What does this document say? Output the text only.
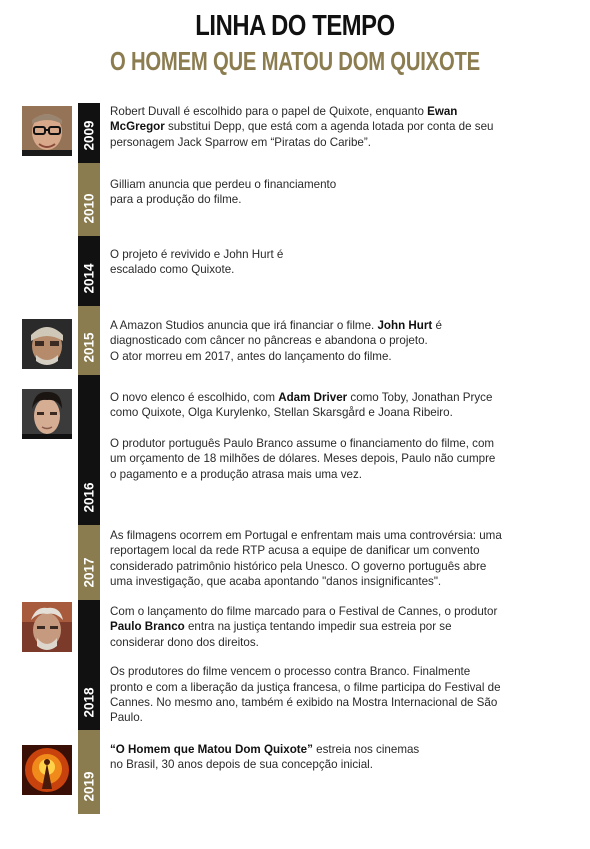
LINHA DO TEMPO
O HOMEM QUE MATOU DOM QUIXOTE
2009
2010
2014
2015
2016
2017
2018
2019

Robert Duvall é escolhido para o papel de Quixote, enquanto Ewan McGregor substitui Depp, que está com a agenda lotada por conta de seu personagem Jack Sparrow em “Piratas do Caribe”.

Gilliam anuncia que perdeu o financiamento
para a produção do filme.

O projeto é revivido e John Hurt é
escalado como Quixote.

A Amazon Studios anuncia que irá financiar o filme. John Hurt é diagnosticado com câncer no pâncreas e abandona o projeto.
O ator morreu em 2017, antes do lançamento do filme.

O novo elenco é escolhido, com Adam Driver como Toby, Jonathan Pryce como Quixote, Olga Kurylenko, Stellan Skarsgård e Joana Ribeiro.

O produtor português Paulo Branco assume o financiamento do filme, com um orçamento de 18 milhões de dólares. Meses depois, Paulo não cumpre o pagamento e a produção atrasa mais uma vez.

As filmagens ocorrem em Portugal e enfrentam mais uma controvérsia: uma reportagem local da rede RTP acusa a equipe de danificar um convento considerado patrimônio histórico pela Unesco. O governo português abre uma investigação, que acaba apontando "danos insignificantes".

Com o lançamento do filme marcado para o Festival de Cannes, o produtor Paulo Branco entra na justiça tentando impedir sua estreia por se considerar dono dos direitos.

Os produtores do filme vencem o processo contra Branco. Finalmente pronto e com a liberação da justiça francesa, o filme participa do Festival de Cannes. No mesmo ano, também é exibido na Mostra Internacional de São Paulo.

“O Homem que Matou Dom Quixote” estreia nos cinemas
no Brasil, 30 anos depois de sua concepção inicial.
